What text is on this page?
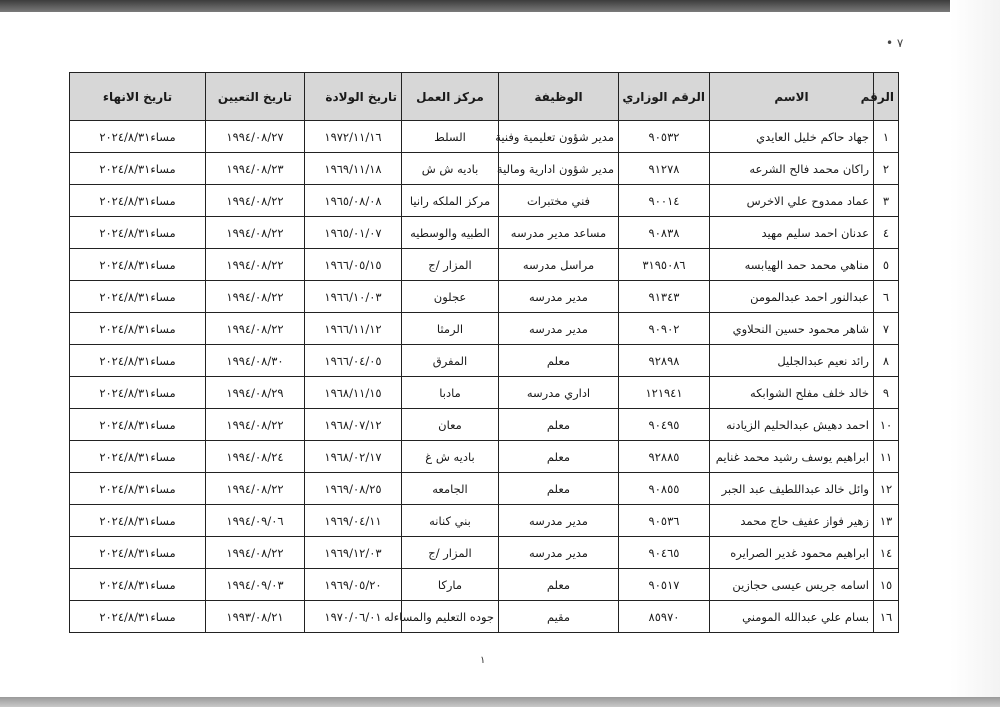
• ٧
الرقم	الاسم	الرقم الوزاري	الوظيفة	مركز العمل	تاريخ الولادة	تاريخ التعيين	تاريخ الانهاء
١	جهاد حاكم خليل العايدي	٩٠٥٣٢	مدير شؤون تعليمية وفنية	السلط	١٩٧٢/١١/١٦	١٩٩٤/٠٨/٢٧	مساء٢٠٢٤/٨/٣١
٢	راكان محمد فالح الشرعه	٩١٢٧٨	مدير شؤون ادارية ومالية	باديه ش ش	١٩٦٩/١١/١٨	١٩٩٤/٠٨/٢٣	مساء٢٠٢٤/٨/٣١
٣	عماد ممدوح علي الاخرس	٩٠٠١٤	فني مختبرات	مركز الملكه رانيا	١٩٦٥/٠٨/٠٨	١٩٩٤/٠٨/٢٢	مساء٢٠٢٤/٨/٣١
٤	عدنان احمد سليم مهيد	٩٠٨٣٨	مساعد مدير مدرسه	الطبيه والوسطيه	١٩٦٥/٠١/٠٧	١٩٩٤/٠٨/٢٢	مساء٢٠٢٤/٨/٣١
٥	مناهي محمد حمد الهيابسه	٣١٩٥٠٨٦	مراسل مدرسه	المزار /ج	١٩٦٦/٠٥/١٥	١٩٩٤/٠٨/٢٢	مساء٢٠٢٤/٨/٣١
٦	عبدالنور احمد عبدالمومن	٩١٣٤٣	مدير مدرسه	عجلون	١٩٦٦/١٠/٠٣	١٩٩٤/٠٨/٢٢	مساء٢٠٢٤/٨/٣١
٧	شاهر محمود حسين النحلاوي	٩٠٩٠٢	مدير مدرسه	الرمثا	١٩٦٦/١١/١٢	١٩٩٤/٠٨/٢٢	مساء٢٠٢٤/٨/٣١
٨	رائد نعيم عبدالجليل	٩٢٨٩٨	معلم	المفرق	١٩٦٦/٠٤/٠٥	١٩٩٤/٠٨/٣٠	مساء٢٠٢٤/٨/٣١
٩	خالد خلف مفلح الشوابكه	١٢١٩٤١	اداري مدرسه	مادبا	١٩٦٨/١١/١٥	١٩٩٤/٠٨/٢٩	مساء٢٠٢٤/٨/٣١
١٠	احمد دهيش عبدالحليم الزيادنه	٩٠٤٩٥	معلم	معان	١٩٦٨/٠٧/١٢	١٩٩٤/٠٨/٢٢	مساء٢٠٢٤/٨/٣١
١١	ابراهيم يوسف رشيد محمد غنايم	٩٢٨٨٥	معلم	باديه ش غ	١٩٦٨/٠٢/١٧	١٩٩٤/٠٨/٢٤	مساء٢٠٢٤/٨/٣١
١٢	وائل خالد عبداللطيف عبد الجبر	٩٠٨٥٥	معلم	الجامعه	١٩٦٩/٠٨/٢٥	١٩٩٤/٠٨/٢٢	مساء٢٠٢٤/٨/٣١
١٣	زهير فواز عفيف حاج محمد	٩٠٥٣٦	مدير مدرسه	بني كنانه	١٩٦٩/٠٤/١١	١٩٩٤/٠٩/٠٦	مساء٢٠٢٤/٨/٣١
١٤	ابراهيم محمود غدير الصرايره	٩٠٤٦٥	مدير مدرسه	المزار /ج	١٩٦٩/١٢/٠٣	١٩٩٤/٠٨/٢٢	مساء٢٠٢٤/٨/٣١
١٥	اسامه جريس عيسى حجازين	٩٠٥١٧	معلم	ماركا	١٩٦٩/٠٥/٢٠	١٩٩٤/٠٩/٠٣	مساء٢٠٢٤/٨/٣١
١٦	بسام علي عبدالله المومني	٨٥٩٧٠	مقيم	جوده التعليم والمساءله	١٩٧٠/٠٦/٠١	١٩٩٣/٠٨/٢١	مساء٢٠٢٤/٨/٣١
١
